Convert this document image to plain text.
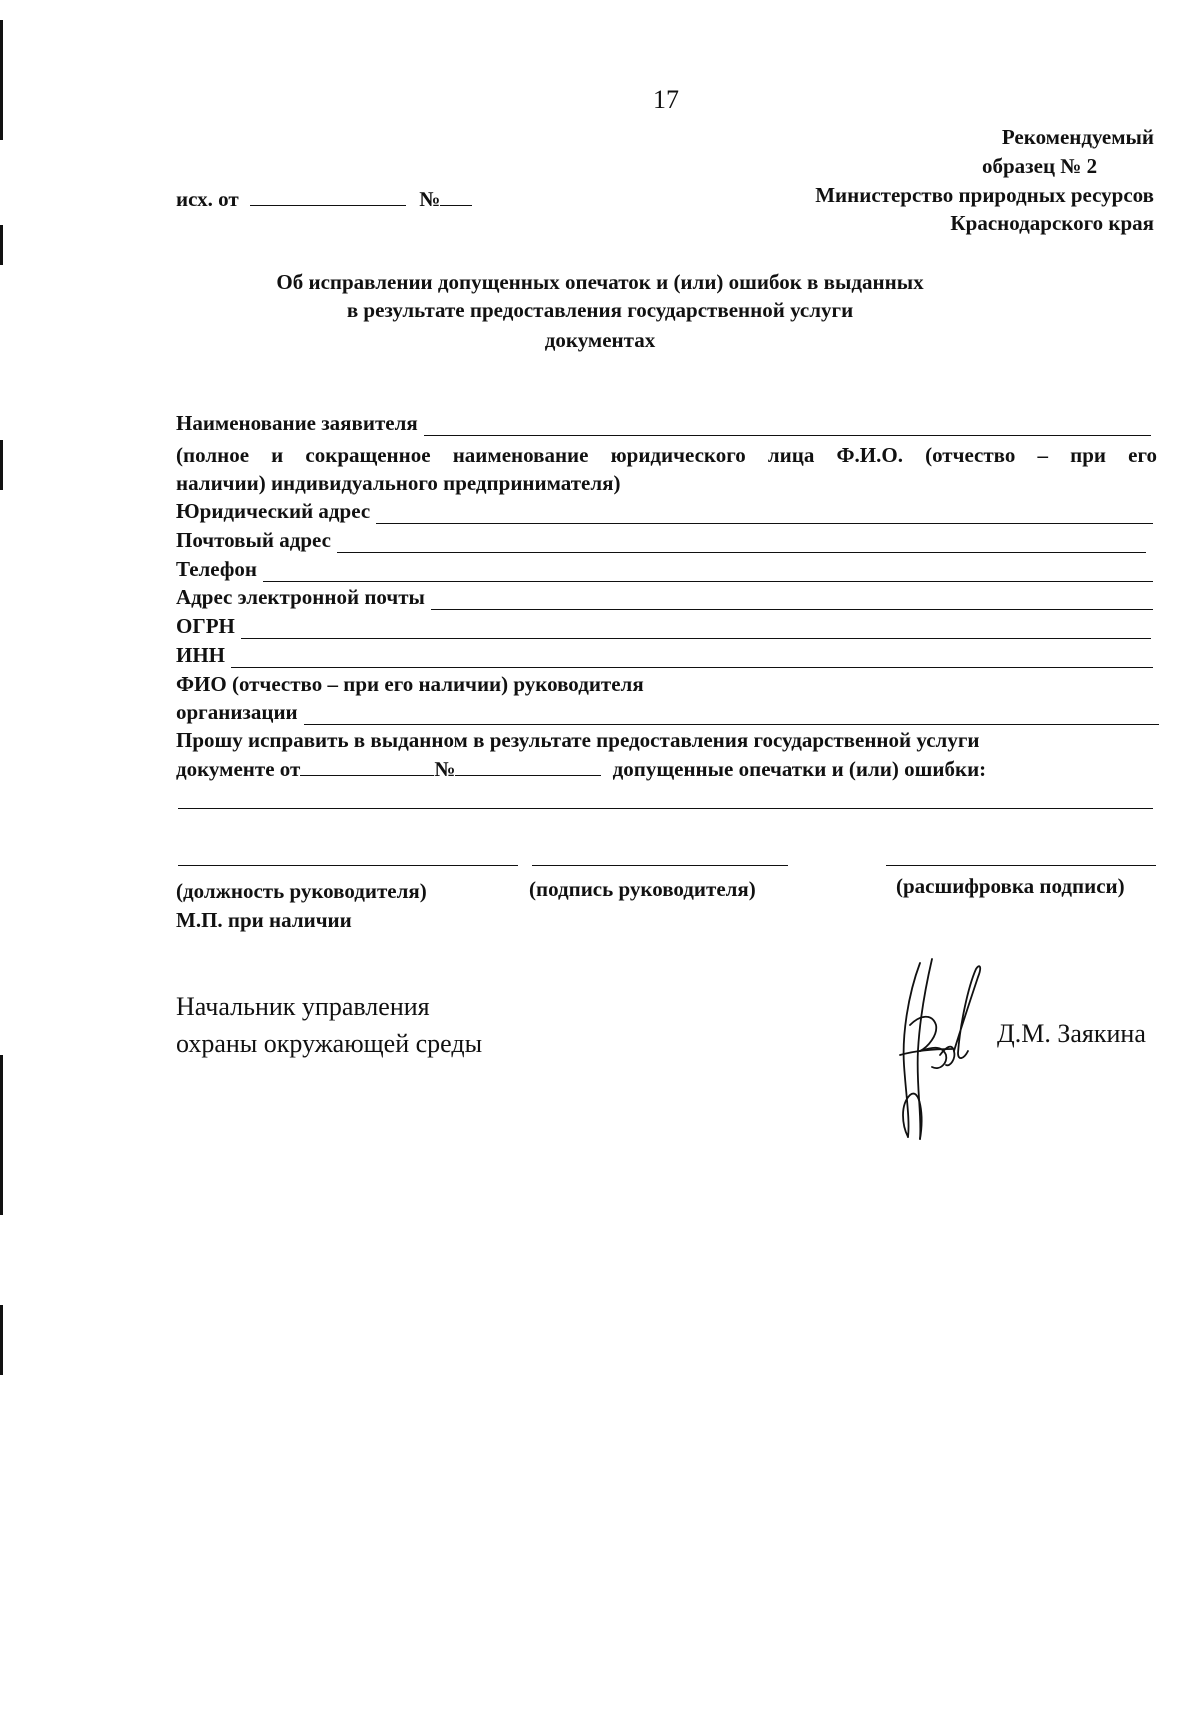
17
Рекомендуемый
образец № 2
Министерство природных ресурсов
Краснодарского края
исх. от	№
Об исправлении допущенных опечаток и (или) ошибок в выданных
в результате предоставления государственной услуги
документах
Наименование заявителя
(полное и сокращенное наименование юридического лица Ф.И.О. (отчество – при его
наличии) индивидуального предпринимателя)
Юридический адрес
Почтовый адрес
Телефон
Адрес электронной почты
ОГРН
ИНН
ФИО (отчество – при его наличии) руководителя
организации
Прошу исправить в выданном в результате предоставления государственной услуги
документе от	№	допущенные опечатки и (или) ошибки:
(должность руководителя)	(подпись руководителя)	(расшифровка подписи)
М.П. при наличии
Начальник управления
охраны окружающей среды	Д.М. Заякина
